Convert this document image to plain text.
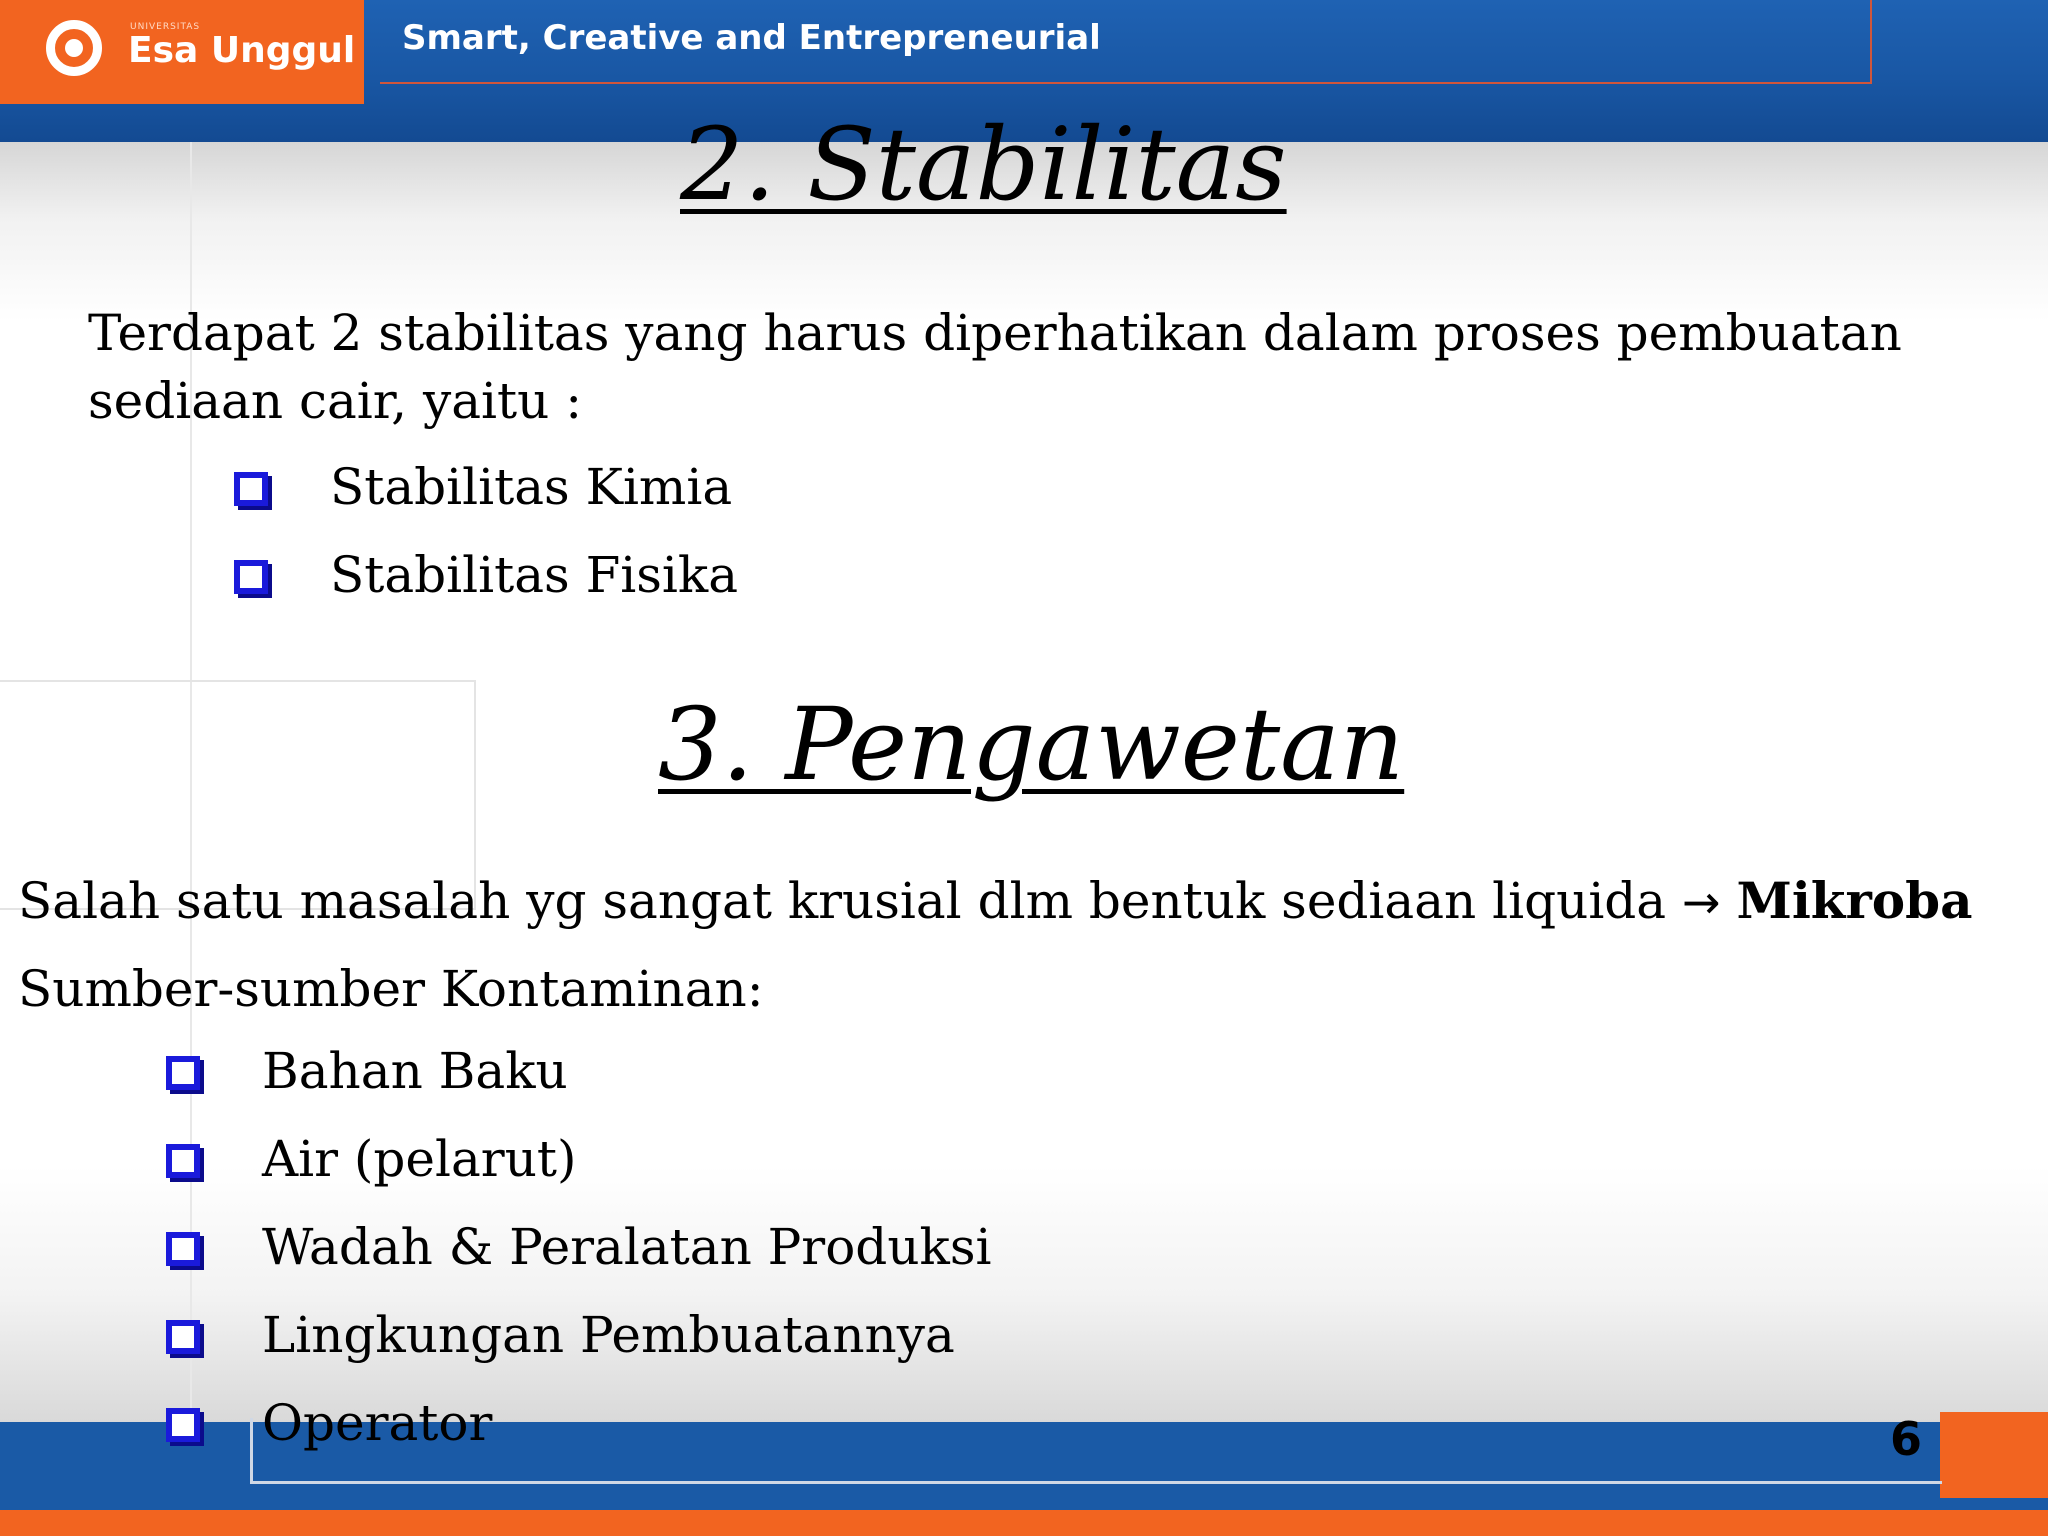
UNIVERSITAS
Esa Unggul Smart, Creative and Entrepreneurial
2. Stabilitas
Terdapat 2 stabilitas yang harus diperhatikan dalam proses pembuatan
sediaan cair, yaitu :
Stabilitas Kimia
Stabilitas Fisika
3. Pengawetan
Salah satu masalah yg sangat krusial dlm bentuk sediaan liquida → Mikroba
Sumber-sumber Kontaminan:
Bahan Baku
Air (pelarut)
Wadah & Peralatan Produksi
Lingkungan Pembuatannya
Operator	6
